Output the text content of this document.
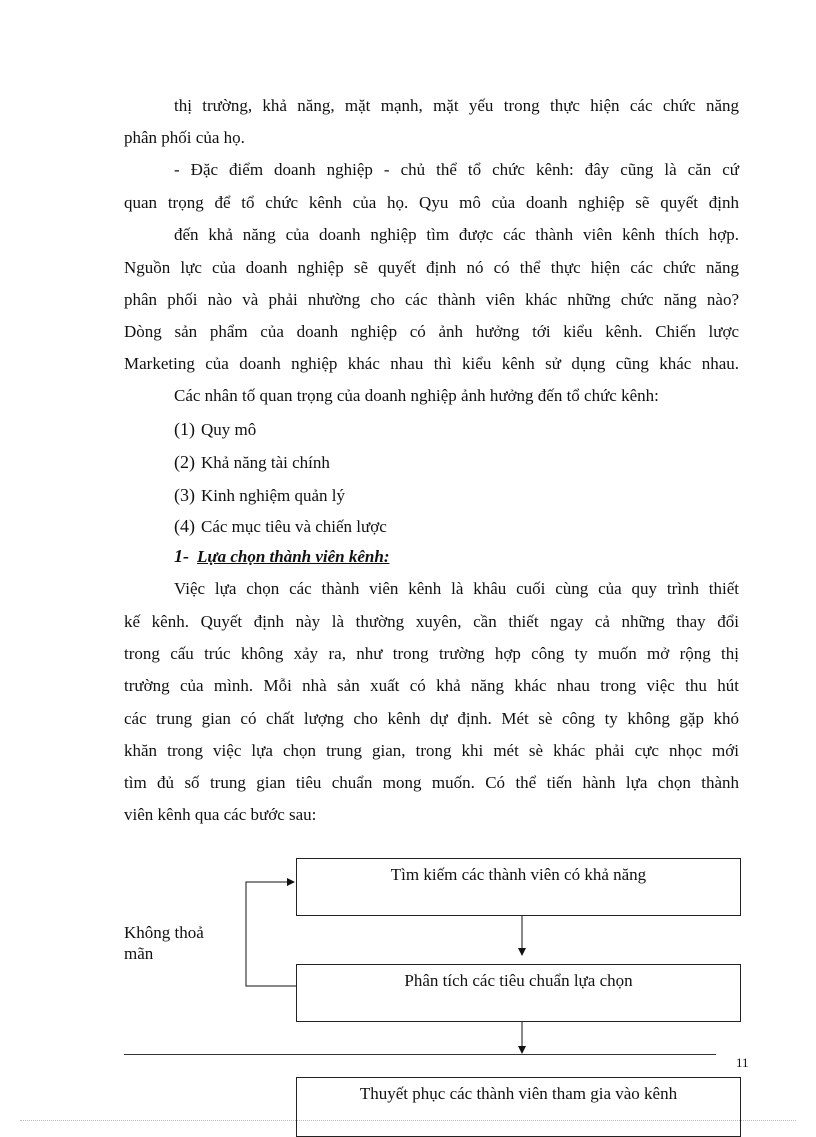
thị trường, khả năng, mặt mạnh, mặt yếu trong thực hiện các chức năng
phân phối của họ.
- Đặc điểm doanh nghiệp - chủ thể tổ chức kênh: đây cũng là căn cứ
quan trọng để tổ chức kênh của họ. Qyu mô của doanh nghiệp sẽ quyết định
đến khả năng của doanh nghiệp tìm được các thành viên kênh thích hợp.
Nguồn lực của doanh nghiệp sẽ quyết định nó có thể thực hiện các chức năng
phân phối nào và phải nhường cho các thành viên khác những chức năng nào?
Dòng sản phẩm của doanh nghiệp có ảnh hưởng tới kiểu kênh. Chiến lược
Marketing của doanh nghiệp khác nhau thì kiểu kênh sử dụng cũng khác nhau.
Các nhân tố quan trọng của doanh nghiệp ảnh hưởng đến tổ chức kênh:
(1) Quy mô
(2) Khả năng tài chính
(3) Kinh nghiệm quản lý
(4) Các mục tiêu và chiến lược
1- Lựa chọn thành viên kênh:
Việc lựa chọn các thành viên kênh là khâu cuối cùng của quy trình thiết
kế kênh. Quyết định này là thường xuyên, cần thiết ngay cả những thay đổi
trong cấu trúc không xảy ra, như trong trường hợp công ty muốn mở rộng thị
trường của mình. Mỗi nhà sản xuất có khả năng khác nhau trong việc thu hút
các trung gian có chất lượng cho kênh dự định. Mét sè công ty không gặp khó
khăn trong việc lựa chọn trung gian, trong khi mét sè khác phải cực nhọc mới
tìm đủ số trung gian tiêu chuẩn mong muốn. Có thể tiến hành lựa chọn thành
viên kênh qua các bước sau:
Tìm kiếm các thành viên có khả năng
Phân tích các tiêu chuẩn lựa chọn
Thuyết phục các thành viên tham gia vào kênh
Không thoả mãn
11
